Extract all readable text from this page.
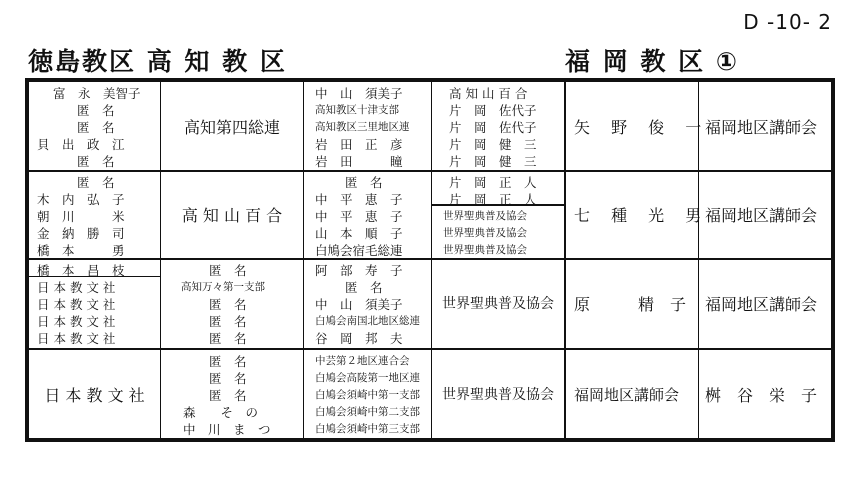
D -10- 2
徳島教区 高 知 教 区	福 岡 教 区 ①
富　永　美智子
匿　名
匿　名
貝　出　政　江
匿　名
高知第四総連
中　山　須美子
高知教区十津支部
高知教区三里地区連
岩　田　正　彦
岩　田　　　瞳
高 知 山 百 合
片　岡　佐代子
片　岡　佐代子
片　岡　健　三
片　岡　健　三
矢 野 俊 一
福岡地区講師会
匿　名
木　内　弘　子
朝　川　　　米
金　納　勝　司
橋　本　　　勇
高 知 山 百 合
匿　名
中　平　恵　子
中　平　恵　子
山　本　順　子
白鳩会宿毛総連
片　岡　正　人
片　岡　正　人
世界聖典普及協会
世界聖典普及協会
世界聖典普及協会
七 種 光 男
福岡地区講師会
橋　本　昌　枝
日 本 教 文 社
日 本 教 文 社
日 本 教 文 社
日 本 教 文 社
匿　名
高知万々第一支部
匿　名
匿　名
匿　名
阿　部　寿　子
匿　名
中　山　須美子
白鳩会南国北地区総連
谷　岡　邦　夫
世界聖典普及協会 原　　　精　子 福岡地区講師会
日 本 教 文 社
匿　名
匿　名
匿　名
森　　そ　の
中　川　ま　つ
中芸第２地区連合会
白鳩会高陵第一地区連
白鳩会須崎中第一支部
白鳩会須崎中第二支部
白鳩会須崎中第三支部
世界聖典普及協会 福岡地区講師会 桝　谷　栄　子
